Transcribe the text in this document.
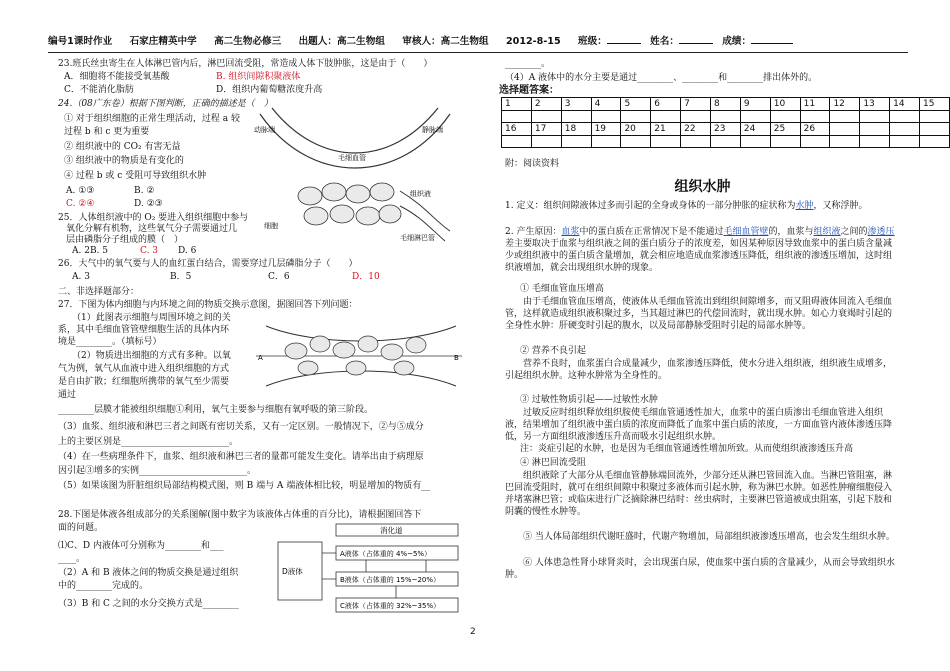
编号1课时作业 石家庄精英中学 高二生物必修三 出题人：高二生物组 审核人：高二生物组 2012-8-15 班级：	姓名：	成绩：
23.班氏丝虫寄生在人体淋巴管内后，淋巴回流受阻，常造成人体下肢肿胀，这是由于（　　）
A．细胞将不能接受氧基酸	B. 组织间隙积聚液体
C．不能消化脂肪	D．组织内葡萄糖浓度升高
24.（08广东卷）根据下图判断，正确的描述是（　）
① 对于组织细胞的正常生理活动，过程 a 较
过程 b 和 c 更为重要
② 组织液中的 CO₂ 有害无益
③ 组织液中的物质是有变化的
④ 过程 b 或 c 受阻可导致组织水肿
A. ①③	B. ②
C. ②④	D. ②③
动脉端	静脉端
毛细血管
组织液
细胞
毛细淋巴管
25．人体组织液中的 O₂ 要进入组织细胞中参与
氧化分解有机物，这些氧气分子需要通过几
层由磷脂分子组成的膜（　）
A. 2B. 5	C. 3 D. 6
26．大气中的氧气要与人的血红蛋白结合，需要穿过几层磷脂分子（　　）
A. 3	B．5	C．6	D．10
二、非选择题部分：
27．下图为体内细胞与内环境之间的物质交换示意图，据图回答下列问题：
（1）此图表示细胞与周围环境之间的关
系，其中毛细血管管壁细胞生活的具体内环
境是________。（填标号）
（2）物质进出细胞的方式有多种。以氧
气为例，氧气从血液中进入组织细胞的方式
是自由扩散；红细胞所携带的氧气至少需要
通过
A	B
________层膜才能被组织细胞①利用，氧气主要参与细胞有氧呼吸的第三阶段。
（3）血浆、组织液和淋巴三者之间既有密切关系，又有一定区别。一般情况下，②与⑤成分
上的主要区别是________________________。
（4）在一些病理条件下，血浆、组织液和淋巴三者的量都可能发生变化。请举出由于病理原
因引起③增多的实例________________________。
（5）如果该图为肝脏组织局部结构模式图，则 B 端与 A 端液体相比较，明显增加的物质有__
28.下图是体液各组成部分的关系图解(图中数字为该液体占体重的百分比)，请根据图回答下
面的问题。
⑴C、D 内液体可分别称为________和___
____。
（2）A 和 B 液体之间的物质交换是通过组织
中的________完成的。
（3）B 和 C 之间的水分交换方式是________
消化道
D液体
A液体（占体重的 4%~5%）
B液体（占体重的 15%~20%）
C液体（占体重的 32%~35%）
________。
（4）A 液体中的水分主要是通过________、________和________排出体外的。
选择题答案：
1	2	3	4	5	6	7	8	9	10	11	12	13	14	15

16	17	18	19	20	21	22	23	24	25	26				

附：阅读资料
组织水肿
1. 定义：组织间隙液体过多而引起的全身或身体的一部分肿胀的症状称为水肿，又称浮肿。
2. 产生原因：血浆中的蛋白质在正常情况下是不能通过毛细血管壁的，血浆与组织液之间的渗透压差主要取决于血浆与组织液之间的蛋白质分子的浓度差，如因某种原因导致血浆中的蛋白质含量减少或组织液中的蛋白质含量增加，就会相应地造成血浆渗透压降低，组织液的渗透压增加，这时组织液增加，就会出现组织水肿的现象。
① 毛细血管血压增高
由于毛细血管血压增高，使液体从毛细血管流出到组织间隙增多，而又阻碍液体回流入毛细血管，这样就造成组织液积聚过多，当其超过淋巴的代偿回流时，就出现水肿。如心力衰竭时引起的全身性水肿：肝硬变时引起的腹水，以及局部静脉受阻时引起的局部水肿等。
② 营养不良引起
营养不良时，血浆蛋白合成量减少，血浆渗透压降低，使水分进入组织液，组织液生成增多，引起组织水肿。这种水肿常为全身性的。
③ 过敏性物质引起——过敏性水肿
过敏反应时组织释放组织胺使毛细血管通透性加大，血浆中的蛋白质渗出毛细血管进入组织液，结果增加了组织液中蛋白质的浓度而降低了血浆中蛋白质的浓度，一方面血管内液体渗透压降低，另一方面组织液渗透压升高而吸水引起组织水肿。
注：炎症引起的水肿，也是因为毛细血管通透性增加所致。从而使组织液渗透压升高
④ 淋巴回流受阻
组织液除了大部分从毛细血管静脉端回流外，少部分还从淋巴管回流入血。当淋巴管阻塞，淋巴回流受阻时，就可在组织间隙中积聚过多液体而引起水肿，称为淋巴水肿。如恶性肿瘤细胞侵入并堵塞淋巴管；或临床进行广泛摘除淋巴结时：丝虫病时，主要淋巴管道被成虫阻塞，引起下肢和阴囊的慢性水肿等。
⑤ 当人体局部组织代谢旺盛时，代谢产物增加，局部组织液渗透压增高，也会发生组织水肿。
⑥ 人体患急性肾小球肾炎时，会出现蛋白尿，使血浆中蛋白质的含量减少，从而会导致组织水肿。
2
